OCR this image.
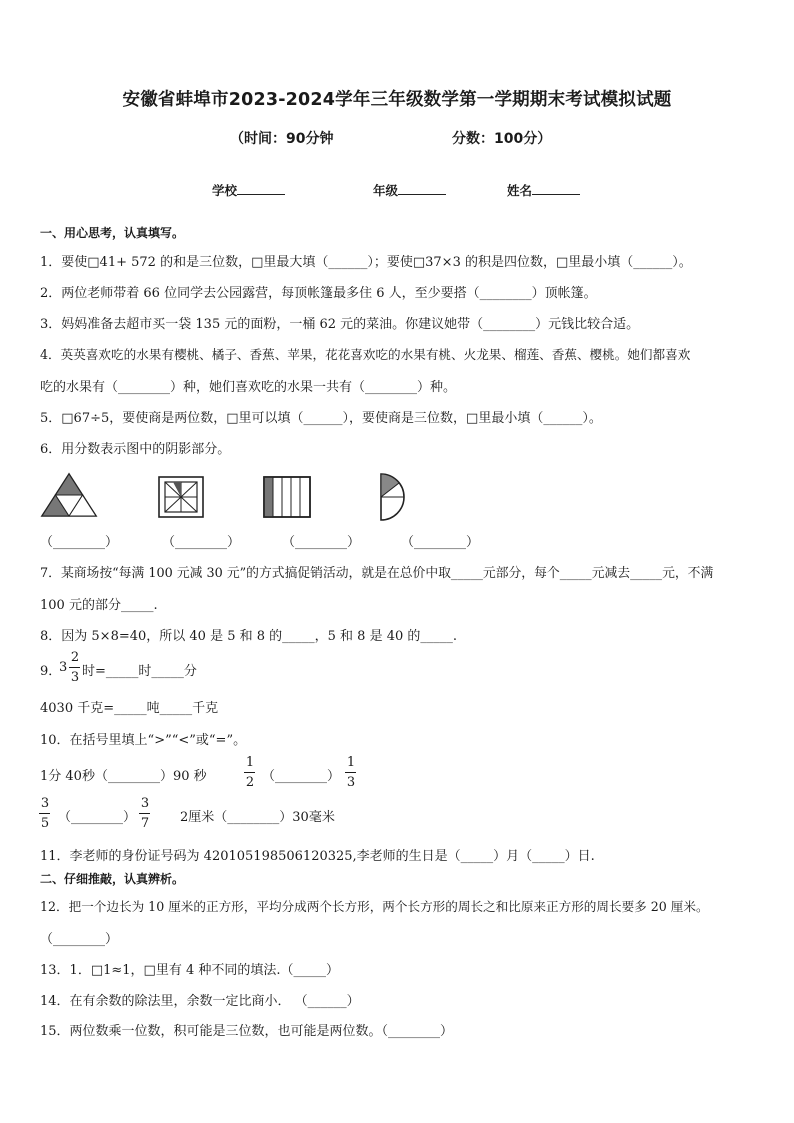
安徽省蚌埠市2023-2024学年三年级数学第一学期期末考试模拟试题
（时间：90分钟	分数：100分）
学校	年级	姓名
一、用心思考，认真填写。
1．要使□41+ 572 的和是三位数，□里最大填（______）；要使□37×3 的积是四位数，□里最小填（______）。
2．两位老师带着 66 位同学去公园露营，每顶帐篷最多住 6 人，至少要搭（________）顶帐篷。
3．妈妈准备去超市买一袋 135 元的面粉，一桶 62 元的菜油。你建议她带（________）元钱比较合适。
4．英英喜欢吃的水果有樱桃、橘子、香蕉、苹果，花花喜欢吃的水果有桃、火龙果、榴莲、香蕉、樱桃。她们都喜欢
吃的水果有（________）种，她们喜欢吃的水果一共有（________）种。
5．□67÷5，要使商是两位数，□里可以填（______），要使商是三位数，□里最小填（______）。
6．用分数表示图中的阴影部分。
（________）	（________）	（________）	（________）
7．某商场按“每满 100 元减 30 元”的方式搞促销活动，就是在总价中取_____元部分，每个_____元减去_____元，不满
100 元的部分_____.
8．因为 5×8=40，所以 40 是 5 和 8 的_____，5 和 8 是 40 的_____.
9．
3
2
3 时=_____时_____分
4030 千克=_____吨_____千克
10．在括号里填上“>”“<”或“=”。
1分 40秒（________）90 秒
1
2 （________）
1
3
3
5 （________）
3
7 2厘米（________）30毫米
11．李老师的身份证号码为 420105198506120325,李老师的生日是（_____）月（_____）日.
二、仔细推敲，认真辨析。
12．把一个边长为 10 厘米的正方形，平均分成两个长方形，两个长方形的周长之和比原来正方形的周长要多 20 厘米。
（________）
13．1．□1≈1，□里有 4 种不同的填法.（_____）
14．在有余数的除法里，余数一定比商小． （______）
15．两位数乘一位数，积可能是三位数，也可能是两位数。（________）
